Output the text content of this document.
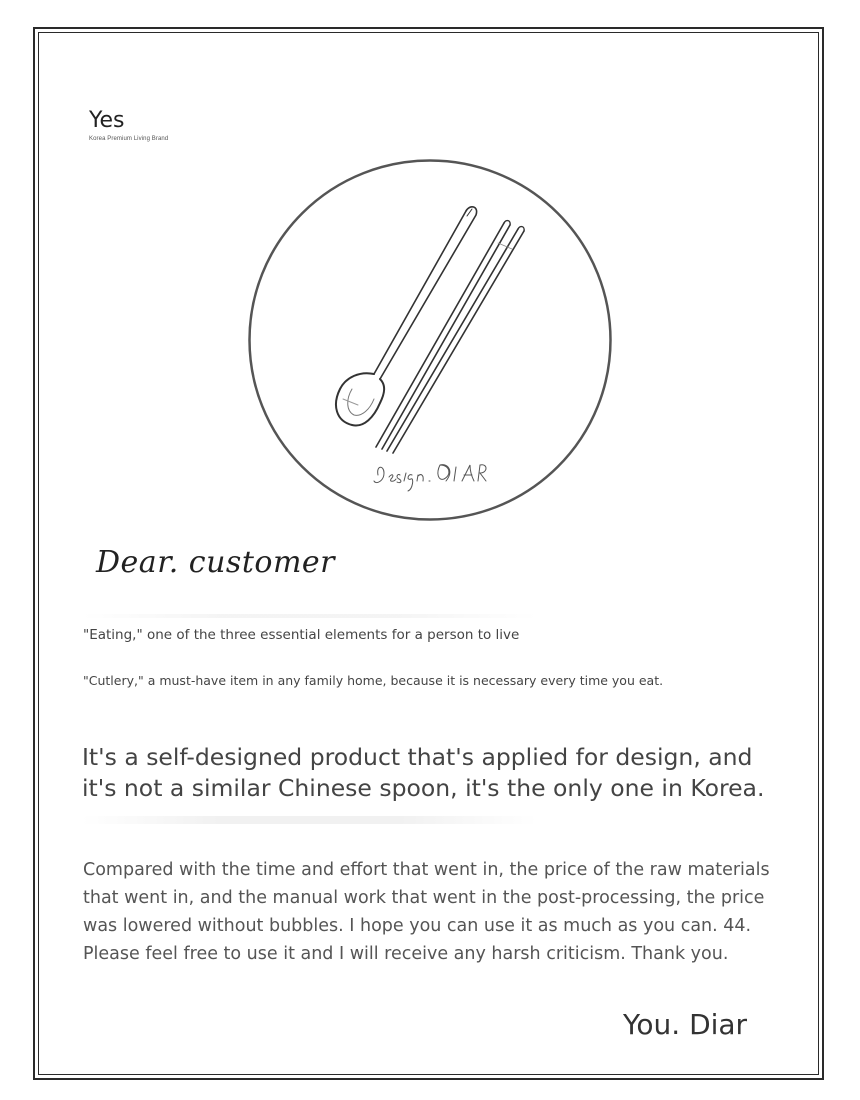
Yes
Korea Premium Living Brand
Dear. customer
"Eating," one of the three essential elements for a person to live
"Cutlery," a must-have item in any family home, because it is necessary every time you eat.
It's a self-designed product that's applied for design, and it's not a similar Chinese spoon, it's the only one in Korea.

Compared with the time and effort that went in, the price of the raw materials that went in, and the manual work that went in the post-processing, the price was lowered without bubbles. I hope you can use it as much as you can. 44. Please feel free to use it and I will receive any harsh criticism. Thank you.

You. Diar
